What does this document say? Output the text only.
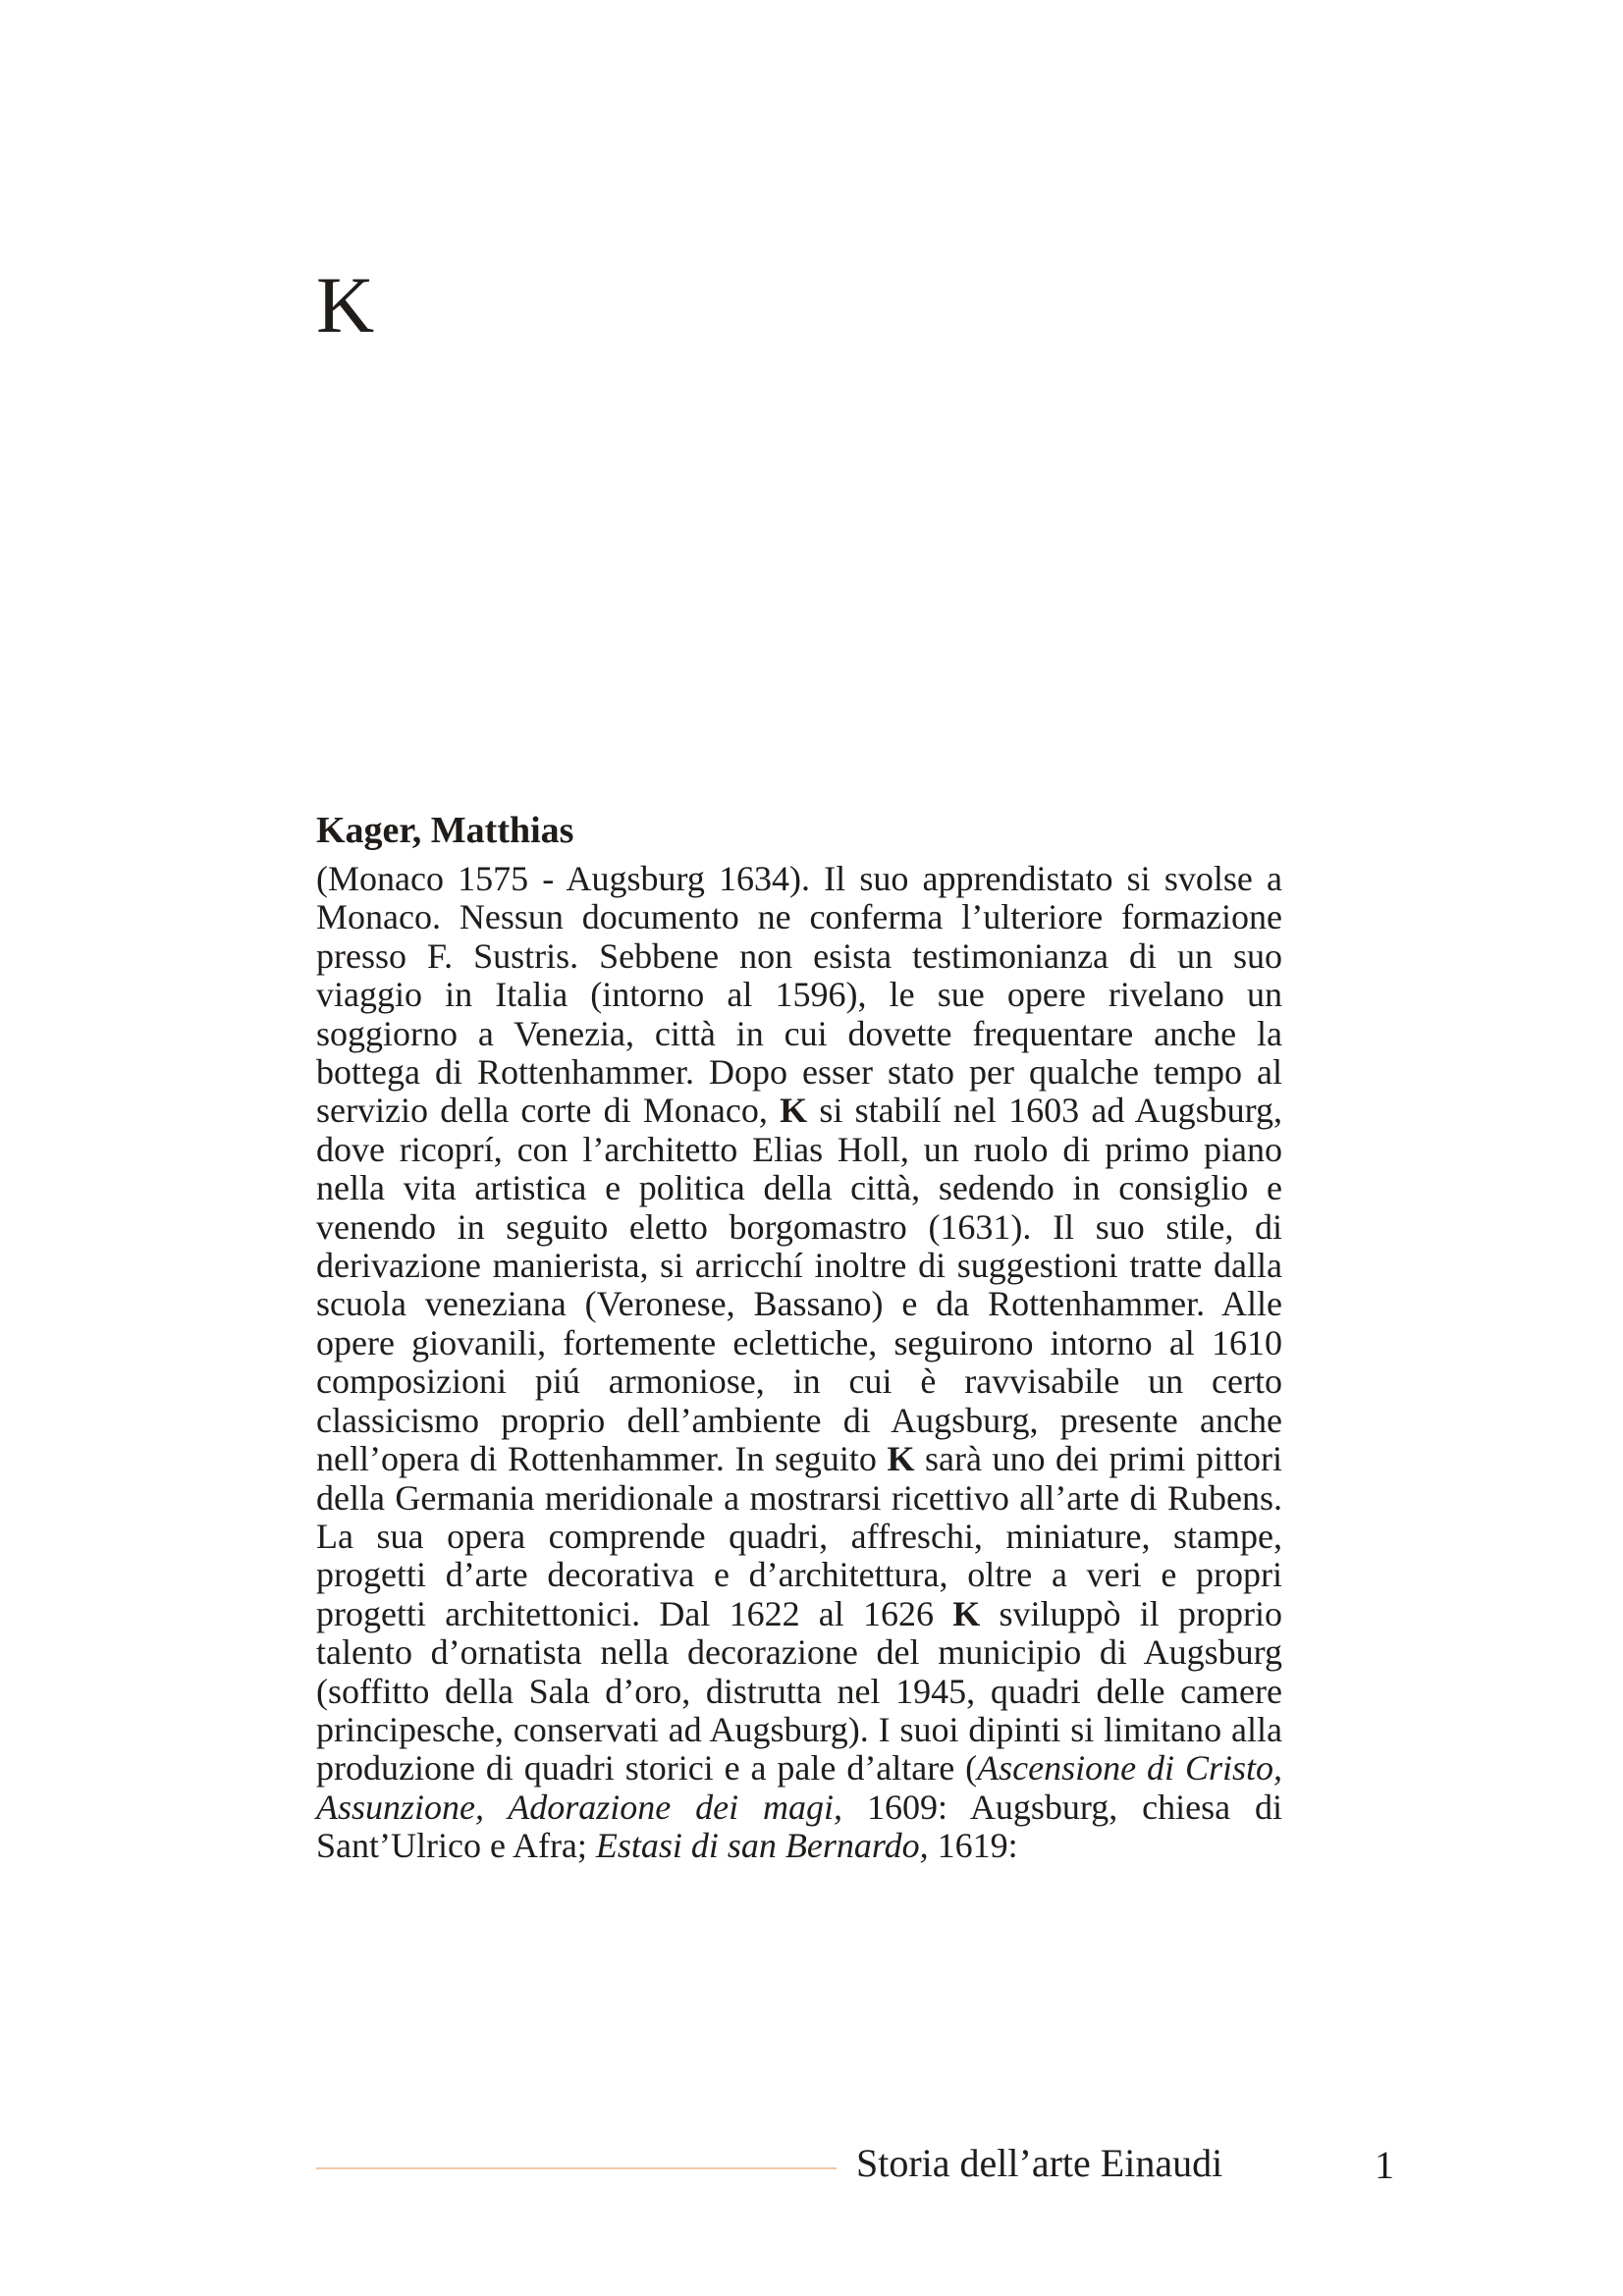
K
Kager, Matthias

(Monaco 1575 - Augsburg 1634). Il suo apprendistato si svolse a Monaco. Nessun documento ne conferma l’ulteriore formazione presso F. Sustris. Sebbene non esista testimonianza di un suo viaggio in Italia (intorno al 1596), le sue opere rivelano un soggiorno a Venezia, città in cui dovette frequentare anche la bottega di Rottenhammer. Dopo esser stato per qualche tempo al servizio della corte di Monaco, K si stabilí nel 1603 ad Augsburg, dove ricoprí, con l’architetto Elias Holl, un ruolo di primo piano nella vita artistica e politica della città, sedendo in consiglio e venendo in seguito eletto borgomastro (1631). Il suo stile, di derivazione manierista, si arricchí inoltre di suggestioni tratte dalla scuola veneziana (Veronese, Bassano) e da Rottenhammer. Alle opere giovanili, fortemente eclettiche, seguirono intorno al 1610 composizioni piú armoniose, in cui è ravvisabile un certo classicismo proprio dell’ambiente di Augsburg, presente anche nell’opera di Rottenhammer. In seguito K sarà uno dei primi pittori della Germania meridionale a mostrarsi ricettivo all’arte di Rubens. La sua opera comprende quadri, affreschi, miniature, stampe, progetti d’arte decorativa e d’architettura, oltre a veri e propri progetti architettonici. Dal 1622 al 1626 K sviluppò il proprio talento d’ornatista nella decorazione del municipio di Augsburg (soffitto della Sala d’oro, distrutta nel 1945, quadri delle camere principesche, conservati ad Augsburg). I suoi dipinti si limitano alla produzione di quadri storici e a pale d’altare (Ascensione di Cristo, Assunzione, Adorazione dei magi, 1609: Augsburg, chiesa di Sant’Ulrico e Afra; Estasi di san Bernardo, 1619:

Storia dell’arte Einaudi	1
